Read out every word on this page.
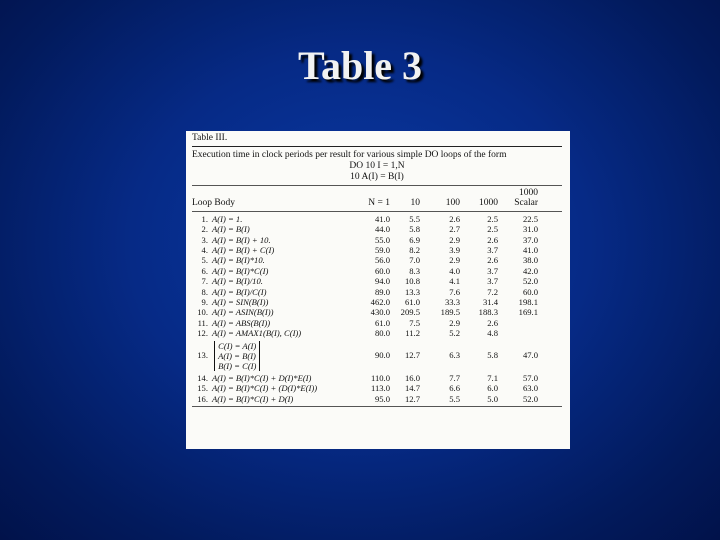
Table 3
Table III.
Execution time in clock periods per result for various simple DO loops of the form
DO 10 I = 1,N
10 A(I) = B(I)
Loop Body	N = 1	10	100	1000
1000
Scalar
1. A(I) = 1.	41.0	5.5	2.6	2.5	22.5
2. A(I) = B(I)	44.0	5.8	2.7	2.5	31.0
3. A(I) = B(I) + 10.	55.0	6.9	2.9	2.6	37.0
4. A(I) = B(I) + C(I)	59.0	8.2	3.9	3.7	41.0
5. A(I) = B(I)*10.	56.0	7.0	2.9	2.6	38.0
6. A(I) = B(I)*C(I)	60.0	8.3	4.0	3.7	42.0
7. A(I) = B(I)/10.	94.0	10.8	4.1	3.7	52.0
8. A(I) = B(I)/C(I)	89.0	13.3	7.6	7.2	60.0
9. A(I) = SIN(B(I))	462.0	61.0	33.3	31.4	198.1
10. A(I) = ASIN(B(I))	430.0	209.5	189.5	188.3	169.1
11. A(I) = ABS(B(I))	61.0	7.5	2.9	2.6
12. A(I) = AMAX1(B(I), C(I))	80.0	11.2	5.2	4.8
13.
C(I) = A(I)
A(I) = B(I)
B(I) = C(I)
90.0	12.7	6.3	5.8	47.0
14. A(I) = B(I)*C(I) + D(I)*E(I)	110.0	16.0	7.7	7.1	57.0
15. A(I) = B(I)*C(I) + (D(I)*E(I))	113.0	14.7	6.6	6.0	63.0
16. A(I) = B(I)*C(I) + D(I)	95.0	12.7	5.5	5.0	52.0
